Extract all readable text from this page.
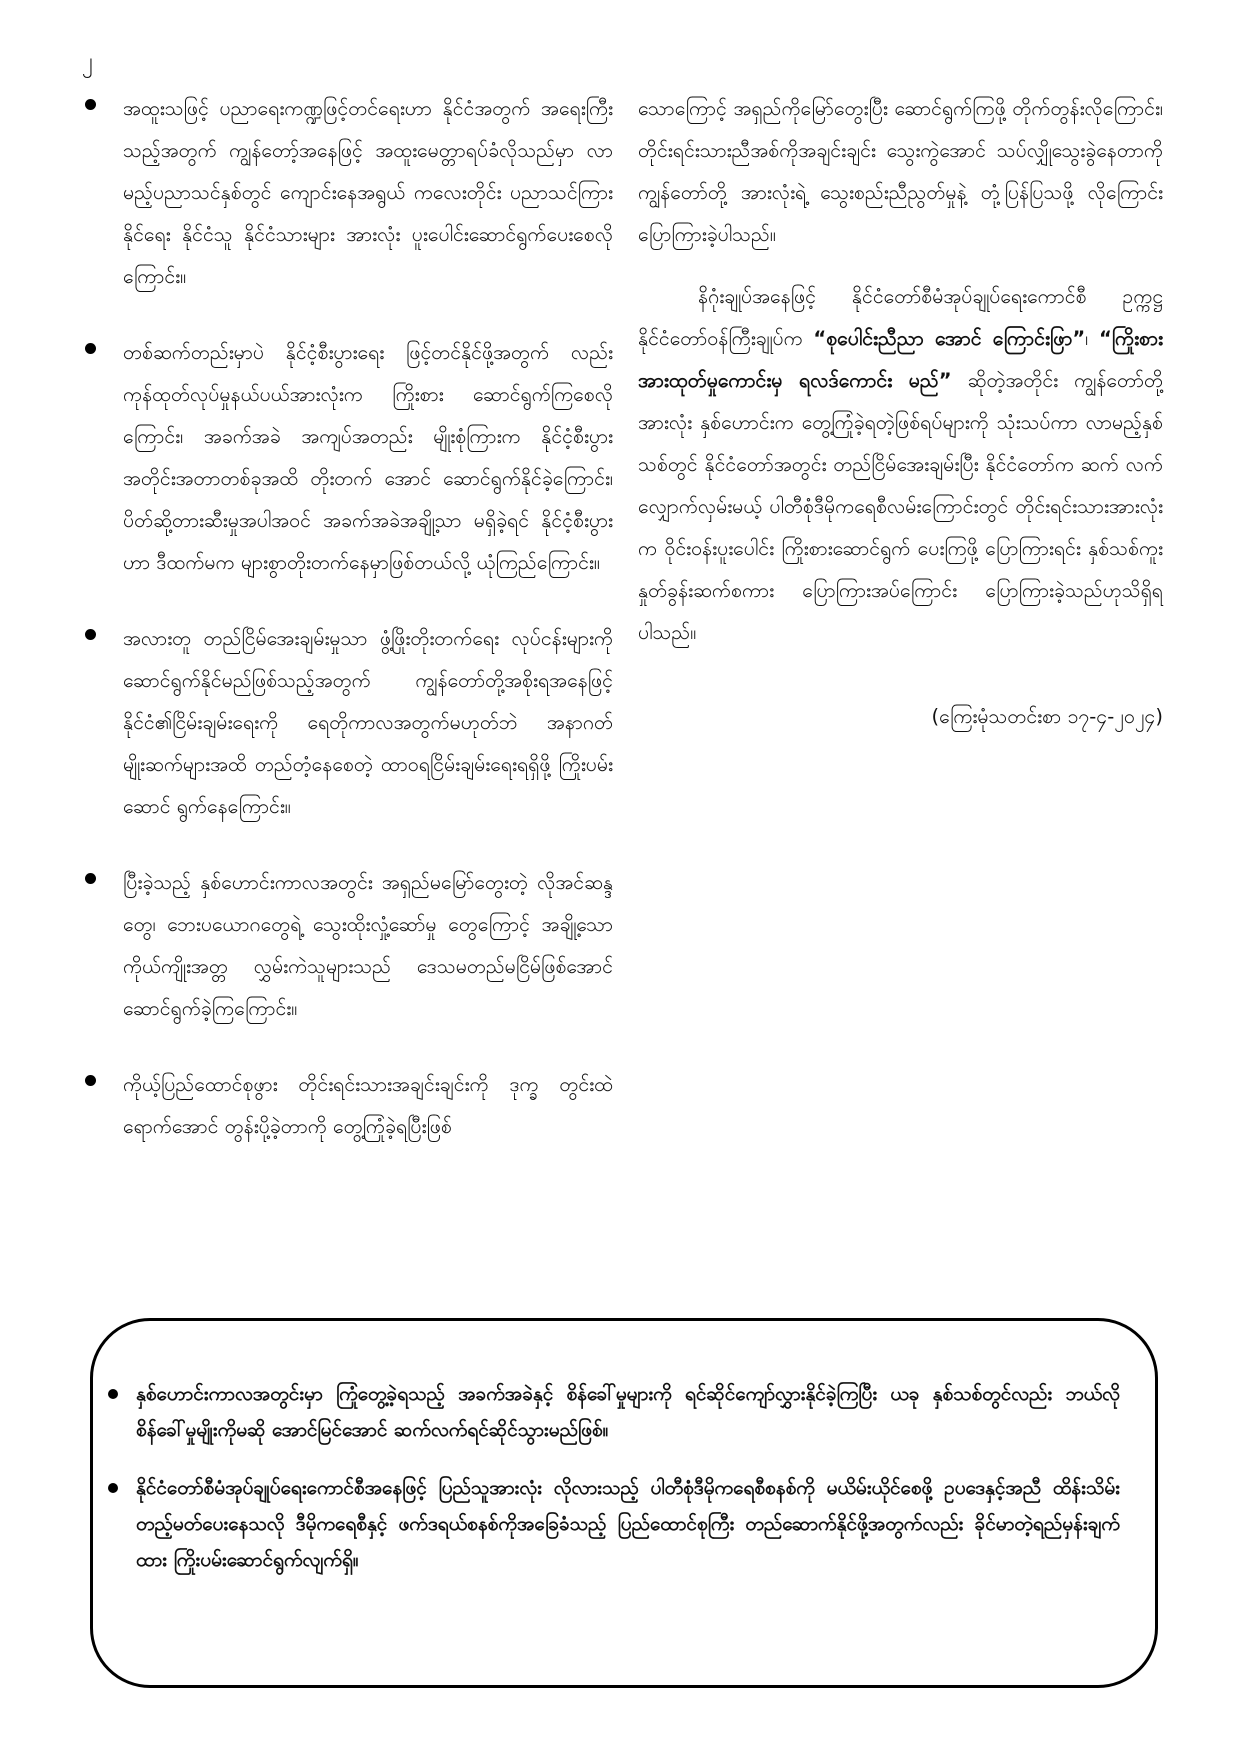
၂

အထူးသဖြင့် ပညာရေးကဏ္ဍဖြင့်တင်ရေးဟာ နိုင်ငံအတွက် အရေးကြီးသည့်အတွက် ကျွန်တော့်အနေဖြင့် အထူးမေတ္တာရပ်ခံလိုသည်မှာ လာမည့်ပညာသင်နှစ်တွင် ကျောင်းနေအရွယ် ကလေးတိုင်း ပညာသင်ကြားနိုင်ရေး နိုင်ငံသူ နိုင်ငံသားများ အားလုံး ပူးပေါင်းဆောင်ရွက်ပေးစေလိုကြောင်း။

တစ်ဆက်တည်းမှာပဲ နိုင်ငံ့စီးပွားရေး ဖြင့်တင်နိုင်ဖို့အတွက် လည်း ကုန်ထုတ်လုပ်မှုနယ်ပယ်အားလုံးက ကြိုးစား ဆောင်ရွက်ကြစေလိုကြောင်း၊ အခက်အခဲ အကျပ်အတည်း မျိုးစုံကြားက နိုင်ငံ့စီးပွားအတိုင်းအတာတစ်ခုအထိ တိုးတက် အောင် ဆောင်ရွက်နိုင်ခဲ့ကြောင်း၊ ပိတ်ဆို့တားဆီးမှုအပါအဝင် အခက်အခဲအချို့သာ မရှိခဲ့ရင် နိုင်ငံ့စီးပွားဟာ ဒီထက်မက များစွာတိုးတက်နေမှာဖြစ်တယ်လို့ ယုံကြည်ကြောင်း။

အလားတူ တည်ငြိမ်အေးချမ်းမှုသာ ဖွံ့ဖြိုးတိုးတက်ရေး လုပ်ငန်းများကို ဆောင်ရွက်နိုင်မည်ဖြစ်သည့်အတွက် ကျွန်တော်တို့အစိုးရအနေဖြင့် နိုင်ငံ၏ငြိမ်းချမ်းရေးကို ရေတိုကာလအတွက်မဟုတ်ဘဲ အနာဂတ်မျိုးဆက်များအထိ တည်တံ့နေစေတဲ့ ထာဝရငြိမ်းချမ်းရေးရရှိဖို့ ကြိုးပမ်းဆောင် ရွက်နေကြောင်း။

ပြီးခဲ့သည့် နှစ်ဟောင်းကာလအတွင်း အရှည်မမြော်တွေးတဲ့ လိုအင်ဆန္ဒတွေ၊ ဘေးပယောဂတွေရဲ့ သွေးထိုးလှုံ့ဆော်မှု တွေကြောင့် အချို့သော ကိုယ်ကျိုးအတ္တ လွှမ်းကဲသူများသည် ဒေသမတည်မငြိမ်ဖြစ်အောင် ဆောင်ရွက်ခဲ့ကြကြောင်း။

ကိုယ့်ပြည်ထောင်စုဖွား တိုင်းရင်းသားအချင်းချင်းကို ဒုက္ခ တွင်းထဲရောက်အောင် တွန်းပို့ခဲ့တာကို တွေ့ကြုံခဲ့ရပြီးဖြစ်

သောကြောင့် အရှည်ကိုမြော်တွေးပြီး ဆောင်ရွက်ကြဖို့ တိုက်တွန်းလိုကြောင်း၊ တိုင်းရင်းသားညီအစ်ကိုအချင်းချင်း သွေးကွဲအောင် သပ်လျှိုသွေးခွဲနေတာကို ကျွန်တော်တို့ အားလုံးရဲ့ သွေးစည်းညီညွတ်မှုနဲ့ တုံ့ပြန်ပြသဖို့ လိုကြောင်း ပြောကြားခဲ့ပါသည်။

နိဂုံးချုပ်အနေဖြင့် နိုင်ငံတော်စီမံအုပ်ချုပ်ရေးကောင်စီ ဥက္ကဋ္ဌ နိုင်ငံတော်ဝန်ကြီးချုပ်က “စုပေါင်းညီညာ အောင် ကြောင်းဖြာ”၊ “ကြိုးစားအားထုတ်မှုကောင်းမှ ရလဒ်ကောင်း မည်” ဆိုတဲ့အတိုင်း ကျွန်တော်တို့အားလုံး နှစ်ဟောင်းက တွေ့ကြုံခဲ့ရတဲ့ဖြစ်ရပ်များကို သုံးသပ်ကာ လာမည့်နှစ်သစ်တွင် နိုင်ငံတော်အတွင်း တည်ငြိမ်အေးချမ်းပြီး နိုင်ငံတော်က ဆက် လက်လျှောက်လှမ်းမယ့် ပါတီစုံဒီမိုကရေစီလမ်းကြောင်းတွင် တိုင်းရင်းသားအားလုံးက ဝိုင်းဝန်းပူးပေါင်း ကြိုးစားဆောင်ရွက် ပေးကြဖို့ ပြောကြားရင်း နှစ်သစ်ကူးနှုတ်ခွန်းဆက်စကား ပြောကြားအပ်ကြောင်း ပြောကြားခဲ့သည်ဟုသိရှိရပါသည်။

(ကြေးမုံသတင်းစာ ၁၇-၄-၂၀၂၄)

နှစ်ဟောင်းကာလအတွင်းမှာ ကြုံတွေ့ခဲ့ရသည့် အခက်အခဲနှင့် စိန်ခေါ်မှုများကို ရင်ဆိုင်ကျော်လွှားနိုင်ခဲ့ကြပြီး ယခု နှစ်သစ်တွင်လည်း ဘယ်လိုစိန်ခေါ်မှုမျိုးကိုမဆို အောင်မြင်အောင် ဆက်လက်ရင်ဆိုင်သွားမည်ဖြစ်။

နိုင်ငံတော်စီမံအုပ်ချုပ်ရေးကောင်စီအနေဖြင့် ပြည်သူအားလုံး လိုလားသည့် ပါတီစုံဒီမိုကရေစီစနစ်ကို မယိမ်းယိုင်စေဖို့ ဥပဒေနှင့်အညီ ထိန်းသိမ်းတည့်မတ်ပေးနေသလို ဒီမိုကရေစီနှင့် ဖက်ဒရယ်စနစ်ကိုအခြေခံသည့် ပြည်ထောင်စုကြီး တည်ဆောက်နိုင်ဖို့အတွက်လည်း ခိုင်မာတဲ့ရည်မှန်းချက်ထား ကြိုးပမ်းဆောင်ရွက်လျက်ရှိ။
